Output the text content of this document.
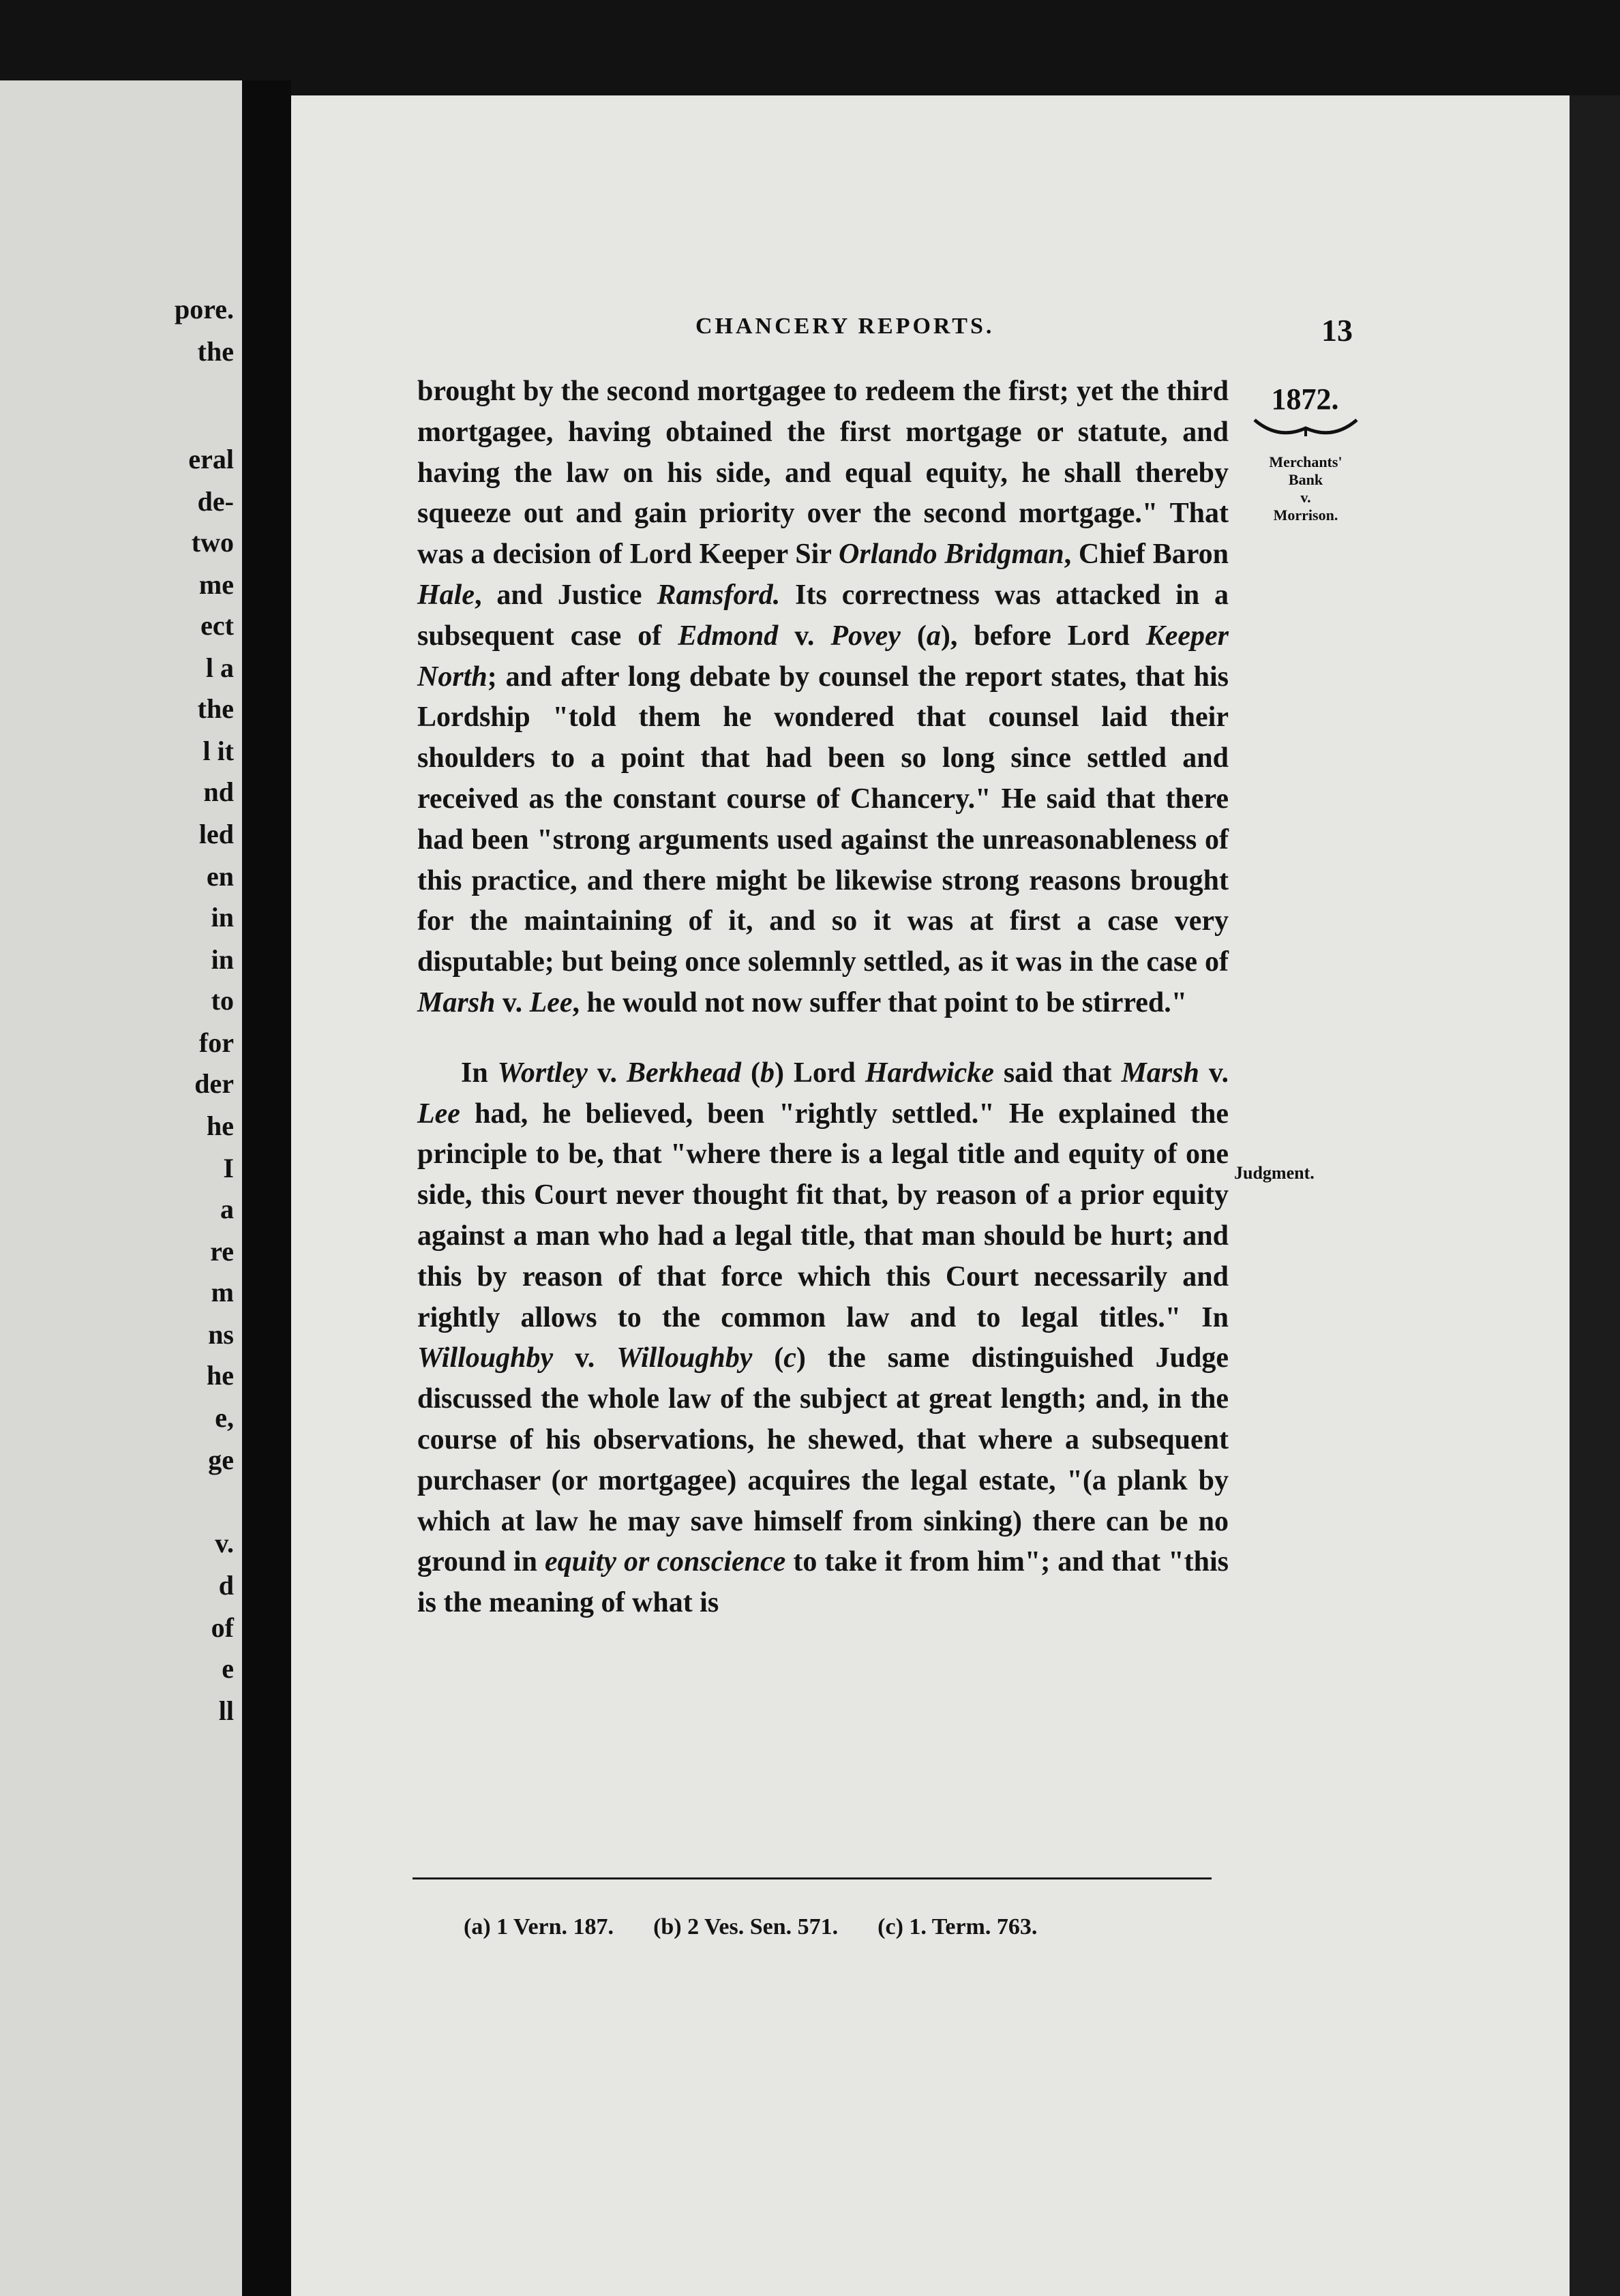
pore.
the
eral
de-
two
me
ect
l a
the
l it
nd
led
en
in
in
to
for
der
he
I
a
re
m
ns
he
e,
ge
v.
d
of
e
ll
CHANCERY REPORTS.	13
1872.
Merchants'
Bank
v.
Morrison.
Judgment.

brought by the second mortgagee to redeem the first; yet the third mortgagee, having obtained the first mortgage or statute, and having the law on his side, and equal equity, he shall thereby squeeze out and gain priority over the second mortgage." That was a decision of Lord Keeper Sir Orlando Bridgman, Chief Baron Hale, and Justice Ramsford. Its correctness was attacked in a subsequent case of Edmond v. Povey (a), before Lord Keeper North; and after long debate by counsel the report states, that his Lordship "told them he wondered that counsel laid their shoulders to a point that had been so long since settled and received as the constant course of Chancery." He said that there had been "strong arguments used against the unreasonableness of this practice, and there might be likewise strong reasons brought for the maintaining of it, and so it was at first a case very disputable; but being once solemnly settled, as it was in the case of Marsh v. Lee, he would not now suffer that point to be stirred."

In Wortley v. Berkhead (b) Lord Hardwicke said that Marsh v. Lee had, he believed, been "rightly settled." He explained the principle to be, that "where there is a legal title and equity of one side, this Court never thought fit that, by reason of a prior equity against a man who had a legal title, that man should be hurt; and this by reason of that force which this Court necessarily and rightly allows to the common law and to legal titles." In Willoughby v. Willoughby (c) the same distinguished Judge discussed the whole law of the subject at great length; and, in the course of his observations, he shewed, that where a subsequent purchaser (or mortgagee) acquires the legal estate, "(a plank by which at law he may save himself from sinking) there can be no ground in equity or conscience to take it from him"; and that "this is the meaning of what is

(a) 1 Vern. 187. (b) 2 Ves. Sen. 571. (c) 1. Term. 763.
